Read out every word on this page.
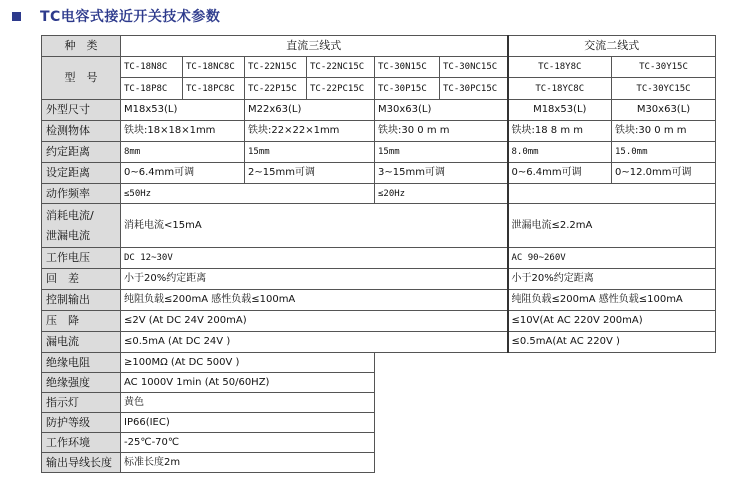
TC电容式接近开关技术参数
种　类	直流三线式						交流二线式	
型　号	TC-18N8C	TC-18NC8C	TC-22N15C	TC-22NC15C	TC-30N15C	TC-30NC15C	TC-18Y8C	TC-30Y15C
	TC-18P8C	TC-18PC8C	TC-22P15C	TC-22PC15C	TC-30P15C	TC-30PC15C	TC-18YC8C	TC-30YC15C
外型尺寸	M18x53(L)		M22x63(L)		M30x63(L)		M18x53(L)	M30x63(L)
检测物体	铁块:18×18×1mm		铁块:22×22×1mm		铁块:30 0 m m		铁块:18 8 m m	铁块:30 0 m m
约定距离	8mm		15mm		15mm		8.0mm	15.0mm
设定距离	0~6.4mm可调		2~15mm可调		3~15mm可调		0~6.4mm可调	0~12.0mm可调
动作频率	≤50Hz				≤20Hz			
消耗电流/
泄漏电流	消耗电流<15mA						泄漏电流≤2.2mA	
工作电压	DC 12~30V						AC 90~260V	
回　差	小于20%约定距离						小于20%约定距离	
控制输出	纯阻负载≤200mA 感性负载≤100mA						纯阻负载≤200mA 感性负载≤100mA	
压　降	≤2V (At DC 24V 200mA)						≤10V(At AC 220V 200mA)	
漏电流	≤0.5mA (At DC 24V )						≤0.5mA(At AC 220V )	
绝缘电阻	≥100MΩ (At DC 500V )							
绝缘强度	AC 1000V 1min (At 50/60HZ)							
指示灯	黄色							
防护等级	IP66(IEC)							
工作环境	-25℃-70℃							
输出导线长度	标准长度2m							
